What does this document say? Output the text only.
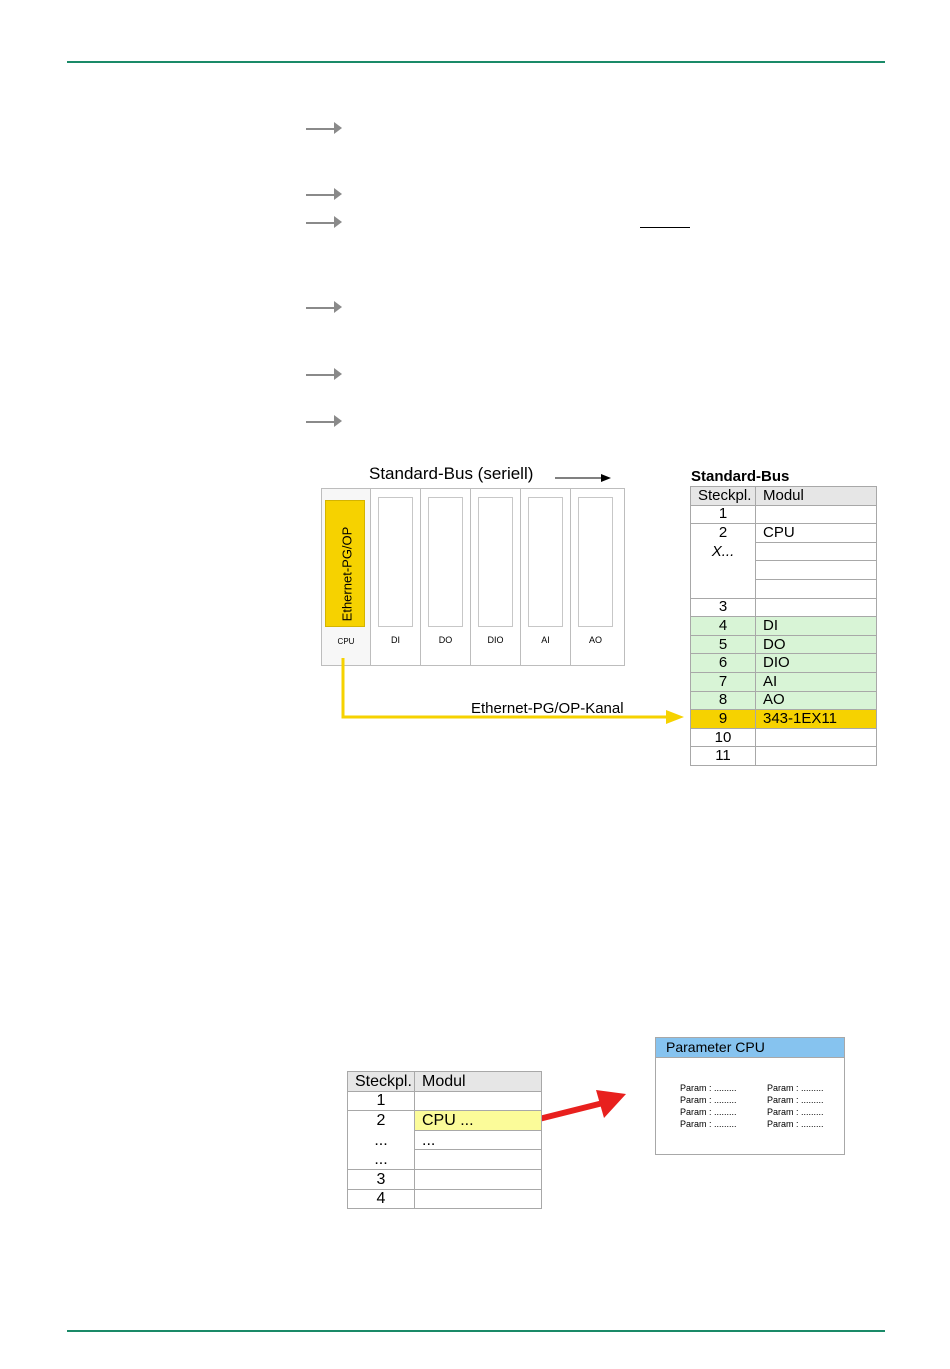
Standard-Bus (seriell)
Ethernet-PG/OP
CPU	DI	DO	DIO	AI	AO
Ethernet-PG/OP-Kanal
Standard-Bus
Steckpl.	Modul
1	
2	CPU
X...	

3	
4	DI
5	DO
6	DIO
7	AI
8	AO
9	343-1EX11
10	
11	
Steckpl.	Modul
1	
2	CPU ...
...	...
...	
3	
4	
Parameter CPU
Param : .........
Param : .........
Param : .........
Param : .........
Param : .........
Param : .........
Param : .........
Param : .........
